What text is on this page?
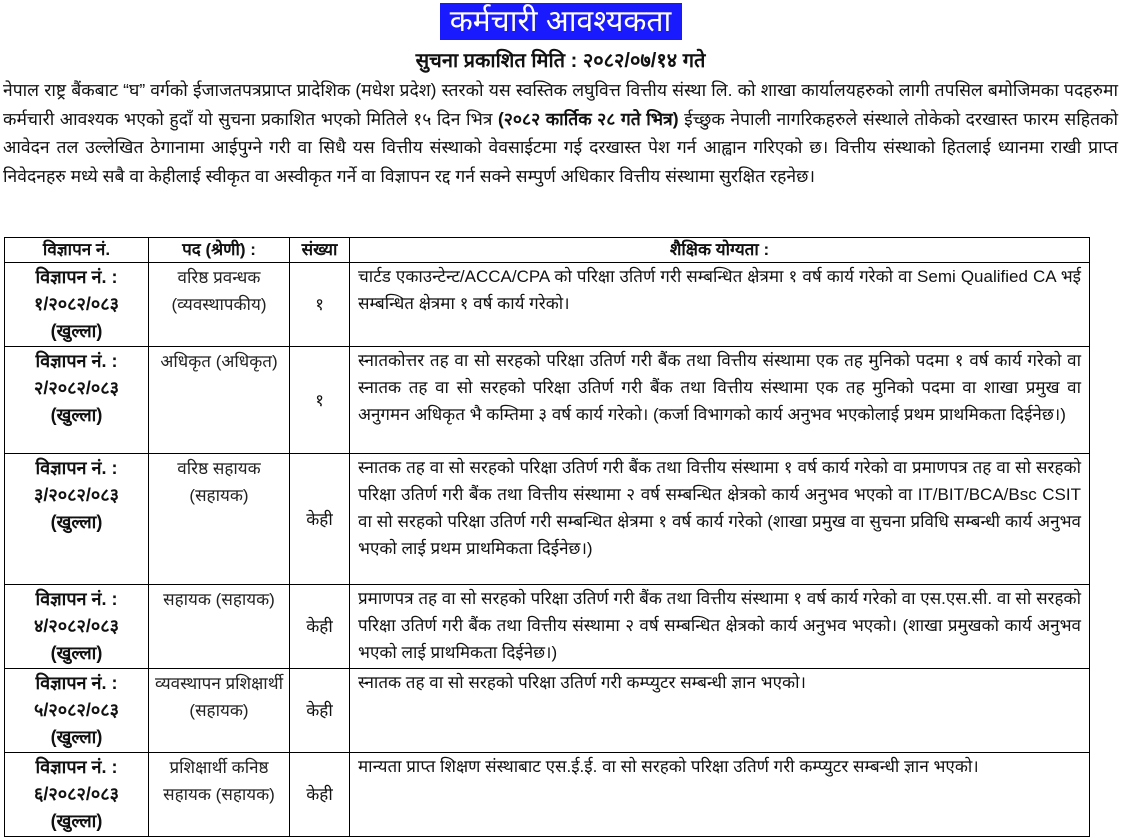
कर्मचारी आवश्यकता
सुचना प्रकाशित मिति : २०८२/०७/१४ गते

नेपाल राष्ट्र बैंकबाट “घ” वर्गको ईजाजतपत्रप्राप्त प्रादेशिक (मधेश प्रदेश) स्तरको यस स्वस्तिक लघुवित्त वित्तीय संस्था लि. को शाखा कार्यालयहरुको लागी तपसिल बमोजिमका पदहरुमा कर्मचारी आवश्यक भएको हुदाँ यो सुचना प्रकाशित भएको मितिले १५ दिन भित्र (२०८२ कार्तिक २८ गते भित्र) ईच्छुक नेपाली नागरिकहरुले संस्थाले तोकेको दरखास्त फारम सहितको आवेदन तल उल्लेखित ठेगानामा आईपुग्ने गरी वा सिधै यस वित्तीय संस्थाको वेवसाईटमा गई दरखास्त पेश गर्न आह्वान गरिएको छ। वित्तीय संस्थाको हितलाई ध्यानमा राखी प्राप्त निवेदनहरु मध्ये सबै वा केहीलाई स्वीकृत वा अस्वीकृत गर्ने वा विज्ञापन रद्द गर्न सक्ने सम्पुर्ण अधिकार वित्तीय संस्थामा सुरक्षित रहनेछ।

विज्ञापन नं.	पद (श्रेणी) :	संख्या	शैक्षिक योग्यता :
विज्ञापन नं. : १/२०८२/०८३ (खुल्ला)	वरिष्ठ प्रवन्धक (व्यवस्थापकीय)	१	चार्टड एकाउन्टेन्ट/ACCA/CPA को परिक्षा उतिर्ण गरी सम्बन्धित क्षेत्रमा १ वर्ष कार्य गरेको वा Semi Qualified CA भई सम्बन्धित क्षेत्रमा १ वर्ष कार्य गरेको।
विज्ञापन नं. : २/२०८२/०८३ (खुल्ला)	अधिकृत (अधिकृत)	१	स्नातकोत्तर तह वा सो सरहको परिक्षा उतिर्ण गरी बैंक तथा वित्तीय संस्थामा एक तह मुनिको पदमा १ वर्ष कार्य गरेको वा स्नातक तह वा सो सरहको परिक्षा उतिर्ण गरी बैंक तथा वित्तीय संस्थामा एक तह मुनिको पदमा वा शाखा प्रमुख वा अनुगमन अधिकृत भै कम्तिमा ३ वर्ष कार्य गरेको। (कर्जा विभागको कार्य अनुभव भएकोलाई प्रथम प्राथमिकता दिईनेछ।)
विज्ञापन नं. : ३/२०८२/०८३ (खुल्ला)	वरिष्ठ सहायक (सहायक)	केही	स्नातक तह वा सो सरहको परिक्षा उतिर्ण गरी बैंक तथा वित्तीय संस्थामा १ वर्ष कार्य गरेको वा प्रमाणपत्र तह वा सो सरहको परिक्षा उतिर्ण गरी बैंक तथा वित्तीय संस्थामा २ वर्ष सम्बन्धित क्षेत्रको कार्य अनुभव भएको वा IT/BIT/BCA/Bsc CSIT वा सो सरहको परिक्षा उतिर्ण गरी सम्बन्धित क्षेत्रमा १ वर्ष कार्य गरेको (शाखा प्रमुख वा सुचना प्रविधि सम्बन्धी कार्य अनुभव भएको लाई प्रथम प्राथमिकता दिईनेछ।)
विज्ञापन नं. : ४/२०८२/०८३ (खुल्ला)	सहायक (सहायक)	केही	प्रमाणपत्र तह वा सो सरहको परिक्षा उतिर्ण गरी बैंक तथा वित्तीय संस्थामा १ वर्ष कार्य गरेको वा एस.एस.सी. वा सो सरहको परिक्षा उतिर्ण गरी बैंक तथा वित्तीय संस्थामा २ वर्ष सम्बन्धित क्षेत्रको कार्य अनुभव भएको। (शाखा प्रमुखको कार्य अनुभव भएको लाई प्राथमिकता दिईनेछ।)
विज्ञापन नं. : ५/२०८२/०८३ (खुल्ला)	व्यवस्थापन प्रशिक्षार्थी (सहायक)	केही	स्नातक तह वा सो सरहको परिक्षा उतिर्ण गरी कम्प्युटर सम्बन्धी ज्ञान भएको।
विज्ञापन नं. : ६/२०८२/०८३ (खुल्ला)	प्रशिक्षार्थी कनिष्ठ सहायक (सहायक)	केही	मान्यता प्राप्त शिक्षण संस्थाबाट एस.ई.ई. वा सो सरहको परिक्षा उतिर्ण गरी कम्प्युटर सम्बन्धी ज्ञान भएको।
